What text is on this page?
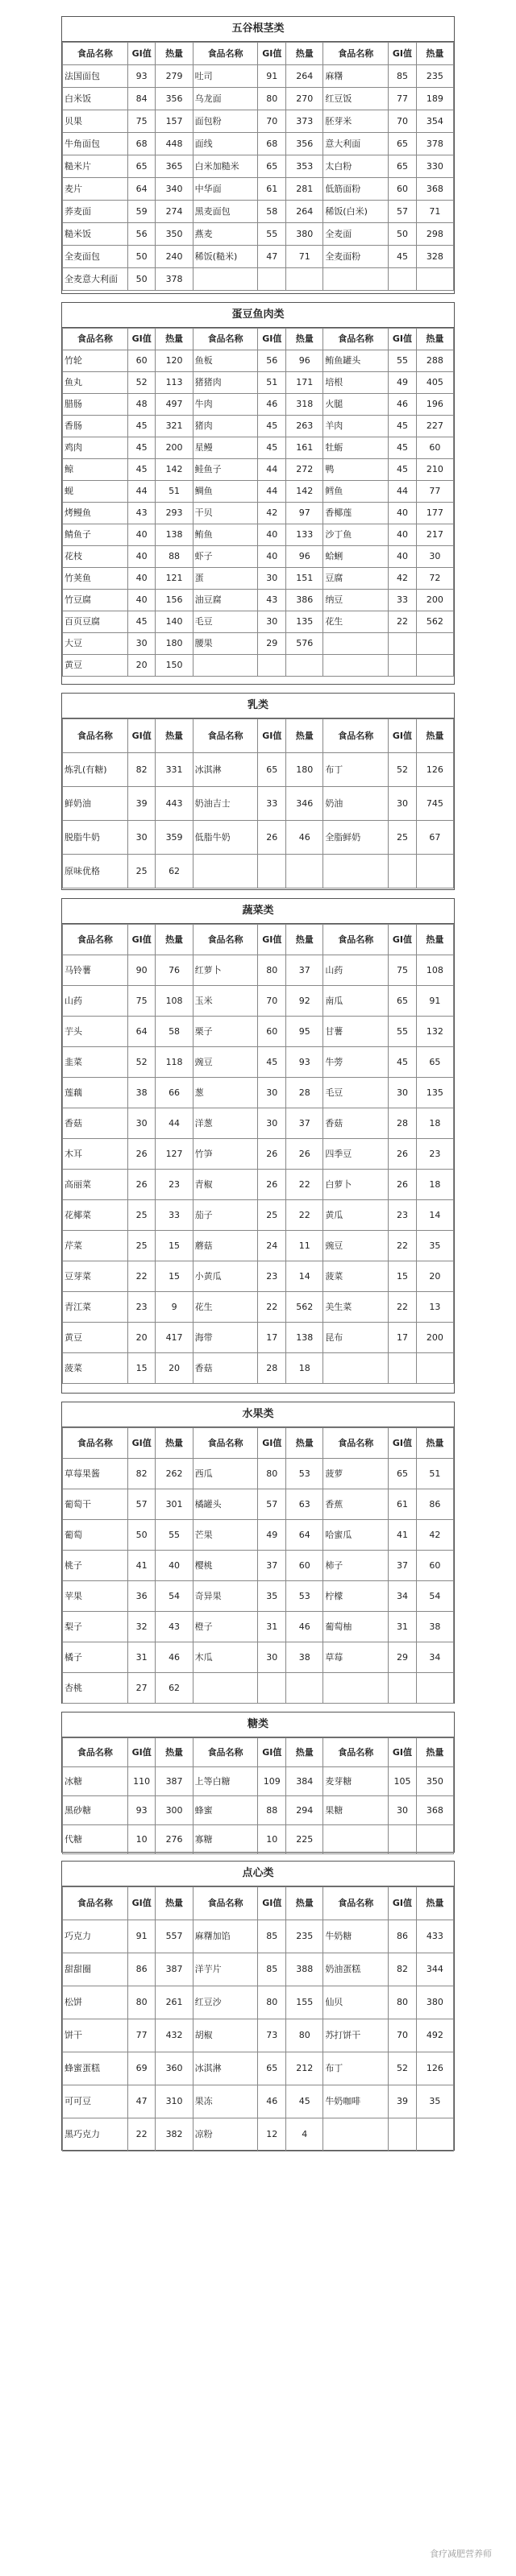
五谷根茎类
食品名称	GI值	热量	食品名称	GI值	热量	食品名称	GI值	热量
法国面包	93	279	吐司	91	264	麻糬	85	235
白米饭	84	356	乌龙面	80	270	红豆饭	77	189
贝果	75	157	面包粉	70	373	胚芽米	70	354
牛角面包	68	448	面线	68	356	意大利面	65	378
糙米片	65	365	白米加糙米	65	353	太白粉	65	330
麦片	64	340	中华面	61	281	低筋面粉	60	368
荞麦面	59	274	黑麦面包	58	264	稀饭(白米)	57	71
糙米饭	56	350	燕麦	55	380	全麦面	50	298
全麦面包	50	240	稀饭(糙米)	47	71	全麦面粉	45	328
全麦意大利面	50	378						
蛋豆鱼肉类
食品名称	GI值	热量	食品名称	GI值	热量	食品名称	GI值	热量
竹轮	60	120	鱼板	56	96	鲔鱼罐头	55	288
鱼丸	52	113	猪猪肉	51	171	培根	49	405
腊肠	48	497	牛肉	46	318	火腿	46	196
香肠	45	321	猪肉	45	263	羊肉	45	227
鸡肉	45	200	星鳗	45	161	牡蛎	45	60
鲸	45	142	鲑鱼子	44	272	鸭	45	210
蚬	44	51	鲷鱼	44	142	鳕鱼	44	77
烤鳗鱼	43	293	干贝	42	97	香椰莲	40	177
鲭鱼子	40	138	鲔鱼	40	133	沙丁鱼	40	217
花枝	40	88	虾子	40	96	蛤蜊	40	30
竹荚鱼	40	121	蛋	30	151	豆腐	42	72
竹豆腐	40	156	油豆腐	43	386	纳豆	33	200
百页豆腐	45	140	毛豆	30	135	花生	22	562
大豆	30	180	腰果	29	576			
黄豆	20	150						
乳类
食品名称	GI值	热量	食品名称	GI值	热量	食品名称	GI值	热量
炼乳(有糖)	82	331	冰淇淋	65	180	布丁	52	126
鲜奶油	39	443	奶油吉士	33	346	奶油	30	745
脱脂牛奶	30	359	低脂牛奶	26	46	全脂鲜奶	25	67
原味优格	25	62						
蔬菜类
食品名称	GI值	热量	食品名称	GI值	热量	食品名称	GI值	热量
马铃薯	90	76	红萝卜	80	37	山药	75	108
山药	75	108	玉米	70	92	南瓜	65	91
芋头	64	58	栗子	60	95	甘薯	55	132
韭菜	52	118	豌豆	45	93	牛蒡	45	65
莲藕	38	66	葱	30	28	毛豆	30	135
香菇	30	44	洋葱	30	37	香菇	28	18
木耳	26	127	竹笋	26	26	四季豆	26	23
高丽菜	26	23	青椒	26	22	白萝卜	26	18
花椰菜	25	33	茄子	25	22	黄瓜	23	14
芹菜	25	15	蘑菇	24	11	豌豆	22	35
豆芽菜	22	15	小黄瓜	23	14	菠菜	15	20
青江菜	23	9	花生	22	562	美生菜	22	13
黄豆	20	417	海带	17	138	昆布	17	200
菠菜	15	20	香菇	28	18			
水果类
食品名称	GI值	热量	食品名称	GI值	热量	食品名称	GI值	热量
草莓果酱	82	262	西瓜	80	53	菠萝	65	51
葡萄干	57	301	橘罐头	57	63	香蕉	61	86
葡萄	50	55	芒果	49	64	哈蜜瓜	41	42
桃子	41	40	樱桃	37	60	柿子	37	60
苹果	36	54	奇异果	35	53	柠檬	34	54
梨子	32	43	橙子	31	46	葡萄柚	31	38
橘子	31	46	木瓜	30	38	草莓	29	34
杏桃	27	62						
糖类
食品名称	GI值	热量	食品名称	GI值	热量	食品名称	GI值	热量
冰糖	110	387	上等白糖	109	384	麦芽糖	105	350
黑砂糖	93	300	蜂蜜	88	294	果糖	30	368
代糖	10	276	寡糖	10	225			
点心类
食品名称	GI值	热量	食品名称	GI值	热量	食品名称	GI值	热量
巧克力	91	557	麻糬加馅	85	235	牛奶糖	86	433
甜甜圈	86	387	洋芋片	85	388	奶油蛋糕	82	344
松饼	80	261	红豆沙	80	155	仙贝	80	380
饼干	77	432	胡椒	73	80	苏打饼干	70	492
蜂蜜蛋糕	69	360	冰淇淋	65	212	布丁	52	126
可可豆	47	310	果冻	46	45	牛奶咖啡	39	35
黑巧克力	22	382	凉粉	12	4			
食疗减肥营养师
